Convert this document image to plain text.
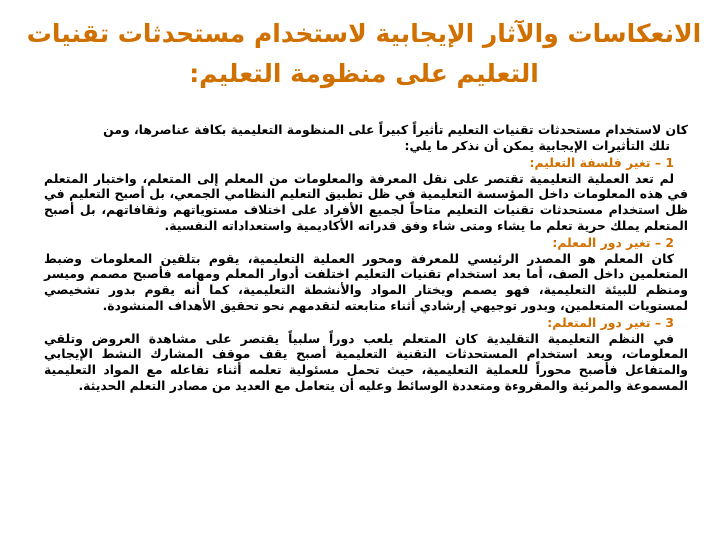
الانعكاسات والآثار الإيجابية لاستخدام مستحدثات تقنيات
التعليم على منظومة التعليم:

كان لاستخدام مستحدثات تقنيات التعليم تأثيراً كبيراً على المنظومة التعليمية بكافة عناصرها، ومن
تلك التأثيرات الإيجابية يمكن أن نذكر ما يلي:

1 – تغير فلسفة التعليم:

لم تعد العملية التعليمية تقتصر على نقل المعرفة والمعلومات من المعلم إلى المتعلم، واختبار المتعلم في هذه المعلومات داخل المؤسسة التعليمية في ظل تطبيق التعليم النظامي الجمعي، بل أصبح التعليم في ظل استخدام مستحدثات تقنيات التعليم متاحاً لجميع الأفراد على اختلاف مستوياتهم وثقافاتهم، بل أصبح المتعلم يملك حرية تعلم ما يشاء ومتى شاء وفق قدراته الأكاديمية واستعداداته النفسية.

2 – تغير دور المعلم:

كان المعلم هو المصدر الرئيسي للمعرفة ومحور العملية التعليمية، يقوم بتلقين المعلومات وضبط المتعلمين داخل الصف، أما بعد استخدام تقنيات التعليم اختلفت أدوار المعلم ومهامه فأصبح مصمم وميسر ومنظم للبيئة التعليمية، فهو يصمم ويختار المواد والأنشطة التعليمية، كما أنه يقوم بدور تشخيصي لمستويات المتعلمين، وبدور توجيهي إرشادي أثناء متابعته لتقدمهم نحو تحقيق الأهداف المنشودة.

3 – تغير دور المتعلم:

في النظم التعليمية التقليدية كان المتعلم يلعب دوراً سلبياً يقتصر على مشاهدة العروض وتلقي المعلومات، وبعد استخدام المستحدثات التقنية التعليمية أصبح يقف موقف المشارك النشط الإيجابي والمتفاعل فأصبح محوراً للعملية التعليمية، حيث تحمل مسئولية تعلمه أثناء تفاعله مع المواد التعليمية المسموعة والمرئية والمقروءة ومتعددة الوسائط وعليه أن يتعامل مع العديد من مصادر التعلم الحديثة.
